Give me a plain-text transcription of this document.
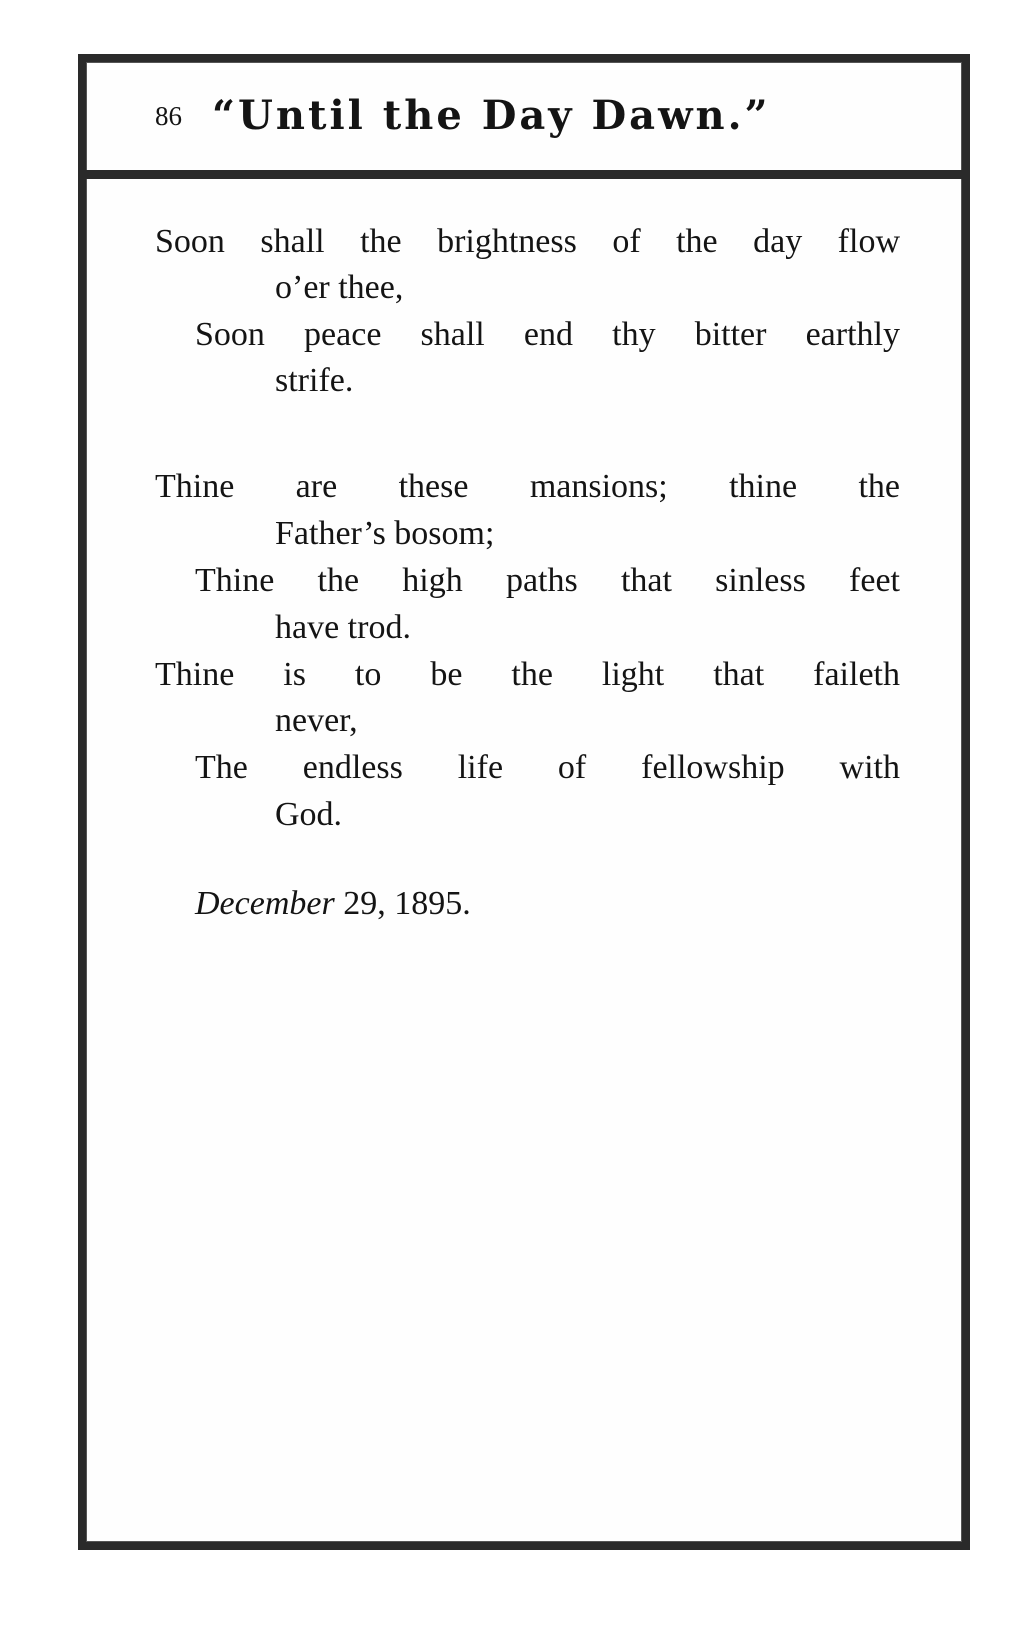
86 “Until the Day Dawn.”
Soon shall the brightness of the day flow
o’er thee,
Soon peace shall end thy bitter earthly
strife.
Thine are these mansions; thine the
Father’s bosom;
Thine the high paths that sinless feet
have trod.
Thine is to be the light that faileth
never,
The endless life of fellowship with
God.
December 29, 1895.
